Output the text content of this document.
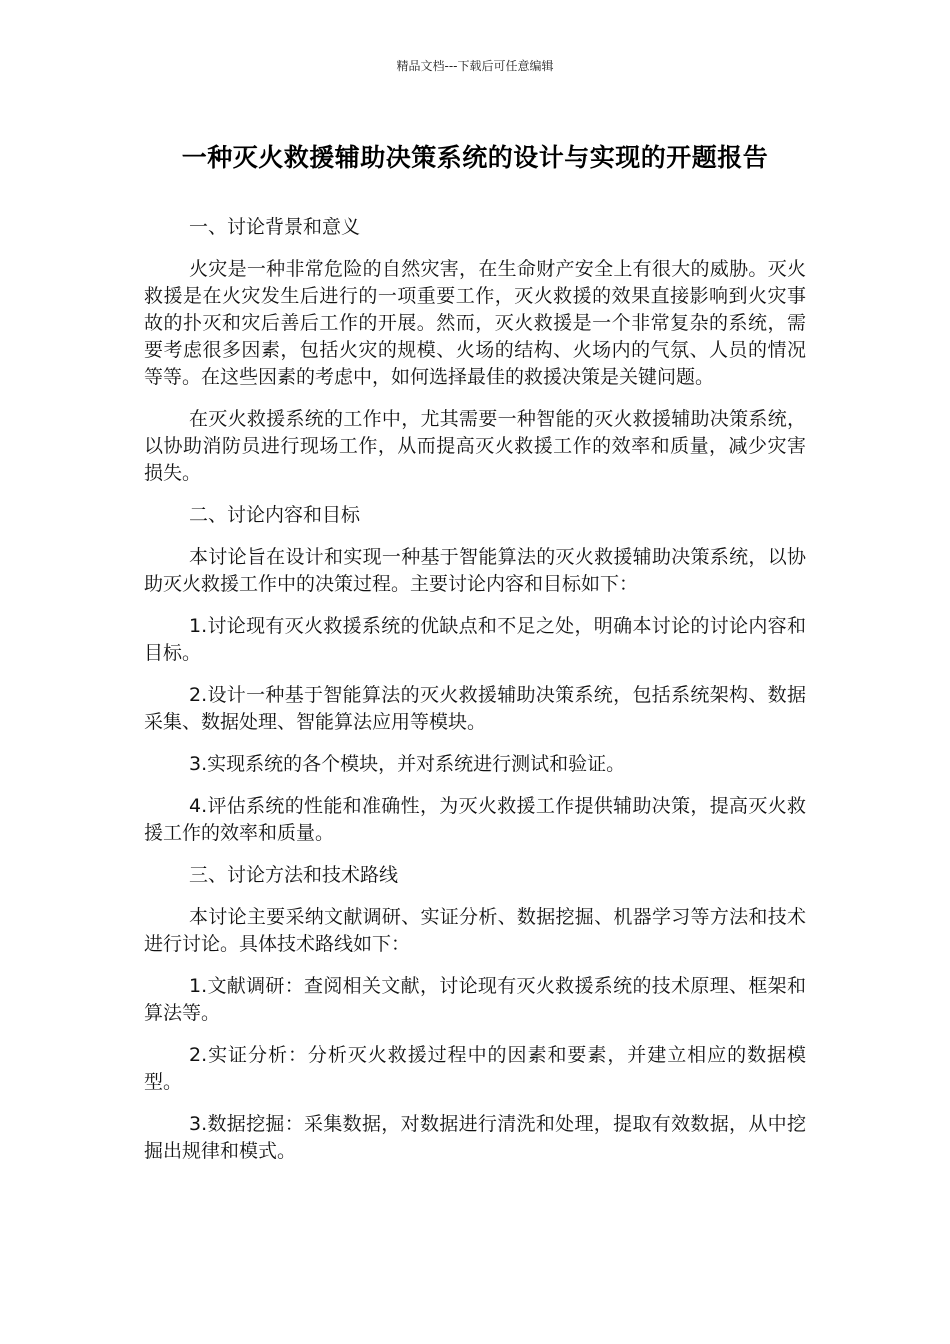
精品文档---下载后可任意编辑
一种灭火救援辅助决策系统的设计与实现的开题报告

一、讨论背景和意义

火灾是一种非常危险的自然灾害，在生命财产安全上有很大的威胁。灭火救援是在火灾发生后进行的一项重要工作，灭火救援的效果直接影响到火灾事故的扑灭和灾后善后工作的开展。然而，灭火救援是一个非常复杂的系统，需要考虑很多因素，包括火灾的规模、火场的结构、火场内的气氛、人员的情况等等。在这些因素的考虑中，如何选择最佳的救援决策是关键问题。

在灭火救援系统的工作中，尤其需要一种智能的灭火救援辅助决策系统，以协助消防员进行现场工作，从而提高灭火救援工作的效率和质量，减少灾害损失。

二、讨论内容和目标

本讨论旨在设计和实现一种基于智能算法的灭火救援辅助决策系统，以协助灭火救援工作中的决策过程。主要讨论内容和目标如下：

1.讨论现有灭火救援系统的优缺点和不足之处，明确本讨论的讨论内容和目标。

2.设计一种基于智能算法的灭火救援辅助决策系统，包括系统架构、数据采集、数据处理、智能算法应用等模块。

3.实现系统的各个模块，并对系统进行测试和验证。

4.评估系统的性能和准确性，为灭火救援工作提供辅助决策，提高灭火救援工作的效率和质量。

三、讨论方法和技术路线

本讨论主要采纳文献调研、实证分析、数据挖掘、机器学习等方法和技术进行讨论。具体技术路线如下：

1.文献调研：查阅相关文献，讨论现有灭火救援系统的技术原理、框架和算法等。

2.实证分析：分析灭火救援过程中的因素和要素，并建立相应的数据模型。

3.数据挖掘：采集数据，对数据进行清洗和处理，提取有效数据，从中挖掘出规律和模式。
